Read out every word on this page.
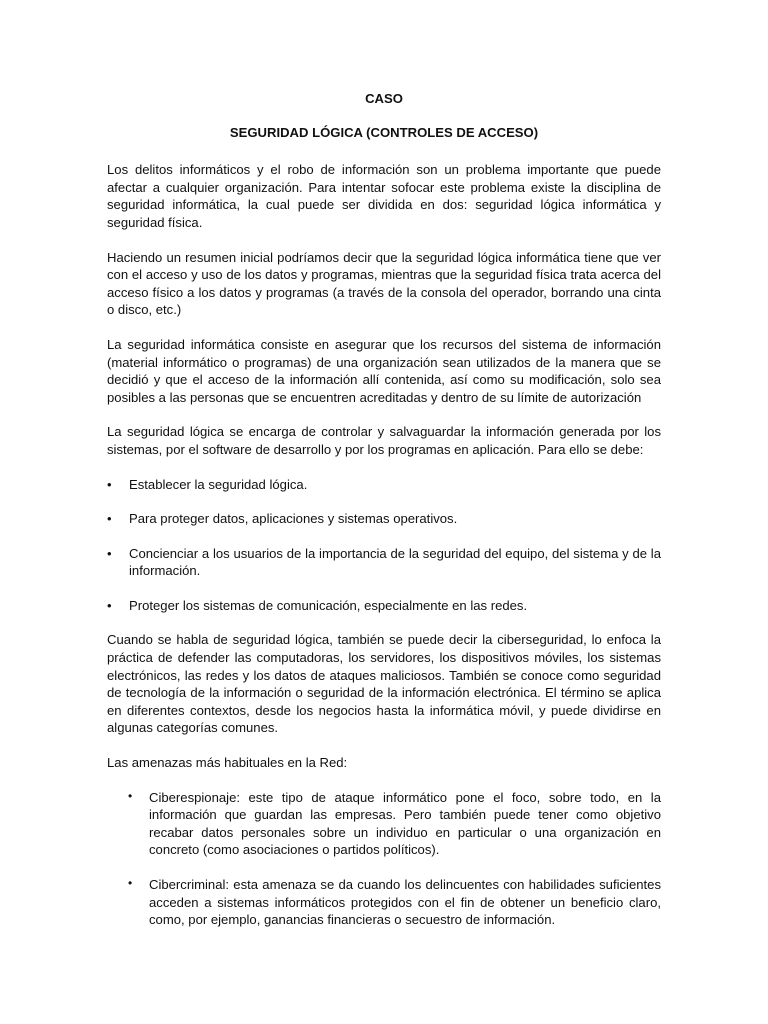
CASO
SEGURIDAD LÓGICA (CONTROLES DE ACCESO)

Los delitos informáticos y el robo de información son un problema importante que puede afectar a cualquier organización. Para intentar sofocar este problema existe la disciplina de seguridad informática, la cual puede ser dividida en dos: seguridad lógica informática y seguridad física.

Haciendo un resumen inicial podríamos decir que la seguridad lógica informática tiene que ver con el acceso y uso de los datos y programas, mientras que la seguridad física trata acerca del acceso físico a los datos y programas (a través de la consola del operador, borrando una cinta o disco, etc.)

La seguridad informática consiste en asegurar que los recursos del sistema de información (material informático o programas) de una organización sean utilizados de la manera que se decidió y que el acceso de la información allí contenida, así como su modificación, solo sea posibles a las personas que se encuentren acreditadas y dentro de su límite de autorización

La seguridad lógica se encarga de controlar y salvaguardar la información generada por los sistemas, por el software de desarrollo y por los programas en aplicación. Para ello se debe:

• Establecer la seguridad lógica.
• Para proteger datos, aplicaciones y sistemas operativos.
• Concienciar a los usuarios de la importancia de la seguridad del equipo, del sistema y de la información.
• Proteger los sistemas de comunicación, especialmente en las redes.

Cuando se habla de seguridad lógica, también se puede decir la ciberseguridad, lo enfoca la práctica de defender las computadoras, los servidores, los dispositivos móviles, los sistemas electrónicos, las redes y los datos de ataques maliciosos. También se conoce como seguridad de tecnología de la información o seguridad de la información electrónica. El término se aplica en diferentes contextos, desde los negocios hasta la informática móvil, y puede dividirse en algunas categorías comunes.

Las amenazas más habituales en la Red:

• Ciberespionaje: este tipo de ataque informático pone el foco, sobre todo, en la información que guardan las empresas. Pero también puede tener como objetivo recabar datos personales sobre un individuo en particular o una organización en concreto (como asociaciones o partidos políticos).
• Cibercriminal: esta amenaza se da cuando los delincuentes con habilidades suficientes acceden a sistemas informáticos protegidos con el fin de obtener un beneficio claro, como, por ejemplo, ganancias financieras o secuestro de información.
